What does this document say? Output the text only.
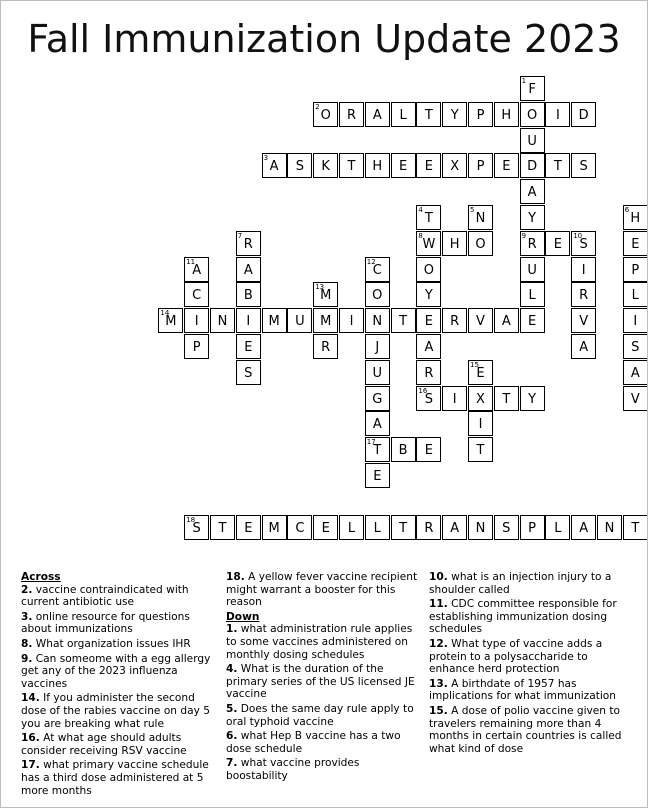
Fall Immunization Update 2023
1
F
O
U
D
A
Y
9
R
U
L
E
2
O	R	A	L	T	Y	P	H	I	D
3
A	S	K	T	H	E	E	X	P	E	T	S
4
T
8
W
O
Y
E
A
R
16
S
5
N
O
6
H
E
P
L
I
S
A
V
7
R
A
B
I
E
S
H	E
10
S
I
R
V
A
11
A
C
I
P
12
C
O
N
J
U
G
A
17
T
E
13
M
M
R
14
M	N	M	U	I	T	R	V	A
15
E
X
I
T
I	T	Y
B	E
18
S	T	E	M	C	E	L	L	T	R	A	N	S	P	L	A	N	T
Across
2. vaccine contraindicated with current antibiotic use
3. online resource for questions about immunizations
8. What organization issues IHR
9. Can someome with a egg allergy get any of the 2023 influenza vaccines
14. If you administer the second dose of the rabies vaccine on day 5 you are breaking what rule
16. At what age should adults consider receiving RSV vaccine
17. what primary vaccine schedule has a third dose administered at 5 more months
18. A yellow fever vaccine recipient might warrant a booster for this reason
Down
1. what administration rule applies to some vaccines administered on monthly dosing schedules
4. What is the duration of the primary series of the US licensed JE vaccine
5. Does the same day rule apply to oral typhoid vaccine
6. what Hep B vaccine has a two dose schedule
7. what vaccine provides boostability
10. what is an injection injury to a shoulder called
11. CDC committee responsible for establishing immunization dosing schedules
12. What type of vaccine adds a protein to a polysaccharide to enhance herd protection
13. A birthdate of 1957 has implications for what immunization
15. A dose of polio vaccine given to travelers remaining more than 4 months in certain countries is called what kind of dose
